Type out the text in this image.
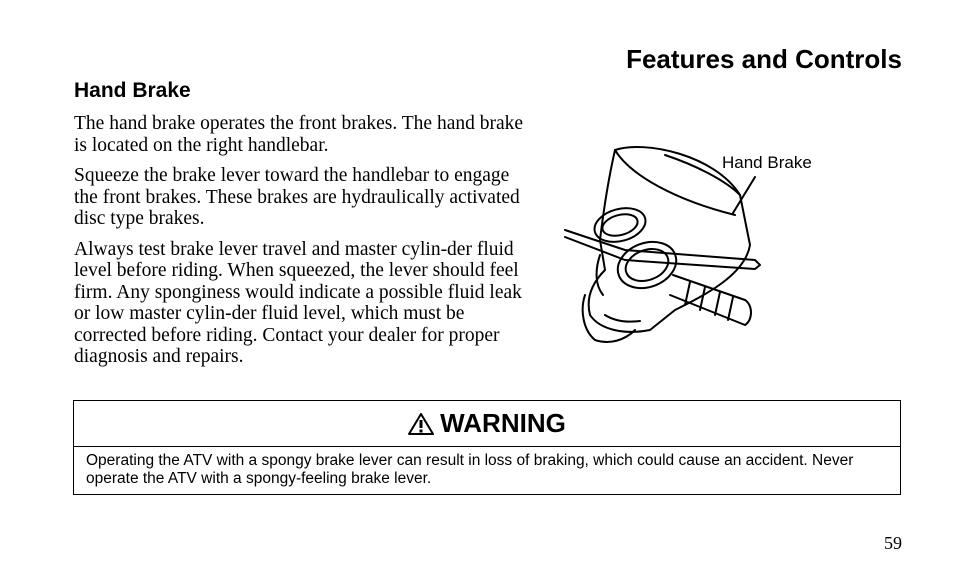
Features and Controls
Hand Brake

The hand brake operates the front brakes. The hand brake is located on the right handlebar.

Squeeze the brake lever toward the handlebar to engage the front brakes. These brakes are hydraulically activated disc type brakes.

Always test brake lever travel and master cylin-der fluid level before riding. When squeezed, the lever should feel firm. Any sponginess would indicate a possible fluid leak or low master cylin-der fluid level, which must be corrected before riding. Contact your dealer for proper diagnosis and repairs.

Hand Brake
WARNING
Operating the ATV with a spongy brake lever can result in loss of braking, which could cause an accident. Never operate the ATV with a spongy-feeling brake lever.
59
